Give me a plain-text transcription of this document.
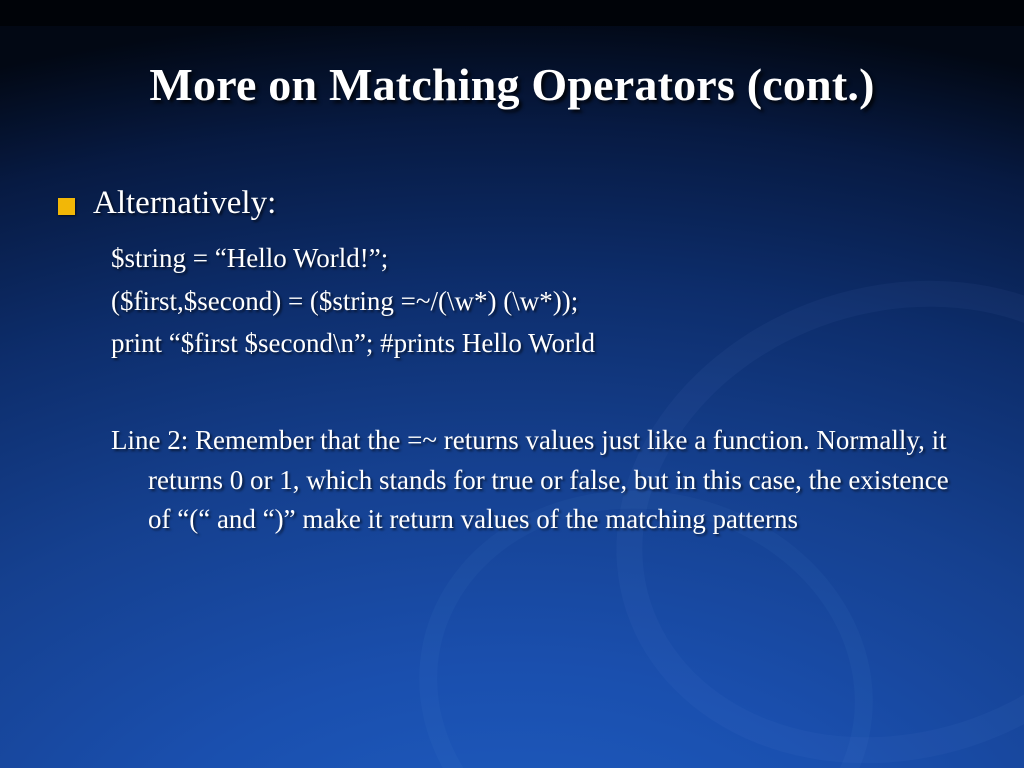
More on Matching Operators (cont.)
Alternatively:
$string = “Hello World!”;
($first,$second) = ($string =~/(\w*) (\w*));
print “$first $second\n”; #prints Hello World
Line 2: Remember that the =~ returns values just like a function. Normally, it returns 0 or 1, which stands for true or false, but in this case, the existence of “(“ and “)” make it return values of the matching patterns
